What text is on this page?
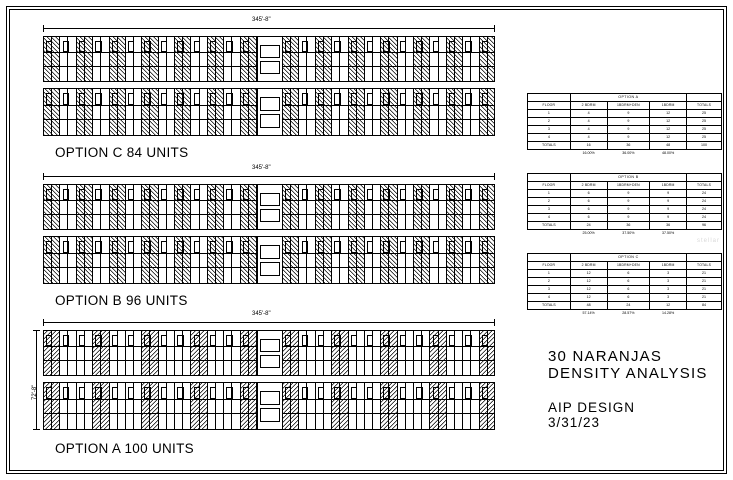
345'-8"
OPTION C 84 UNITS
345'-8"
OPTION B 96 UNITS
345'-8"
72'-8"
OPTION A 100 UNITS
	OPTION A			
FLOOR	2 BDRM	1BDRM+DEN	1BDRM	TOTALS
1	4	9	12	25
2	4	9	12	25
3	4	9	12	25
4	4	9	12	25
TOTALS	16	36	48	100
	16.00%	36.00%	48.00%	
	OPTION B			
FLOOR	2 BDRM	1BDRM+DEN	1BDRM	TOTALS
1	6	9	9	24
2	6	9	9	24
3	6	9	9	24
4	6	9	9	24
TOTALS	24	36	36	96
	25.00%	37.50%	37.50%	
	OPTION C			
FLOOR	2 BDRM	1BDRM+DEN	1BDRM	TOTALS
1	12	6	3	21
2	12	6	3	21
3	12	6	3	21
4	12	6	3	21
TOTALS	48	24	12	84
	57.14%	28.57%	14.28%	
30 NARANJAS
DENSITY ANALYSIS
AIP DESIGN
3/31/23
stellar
